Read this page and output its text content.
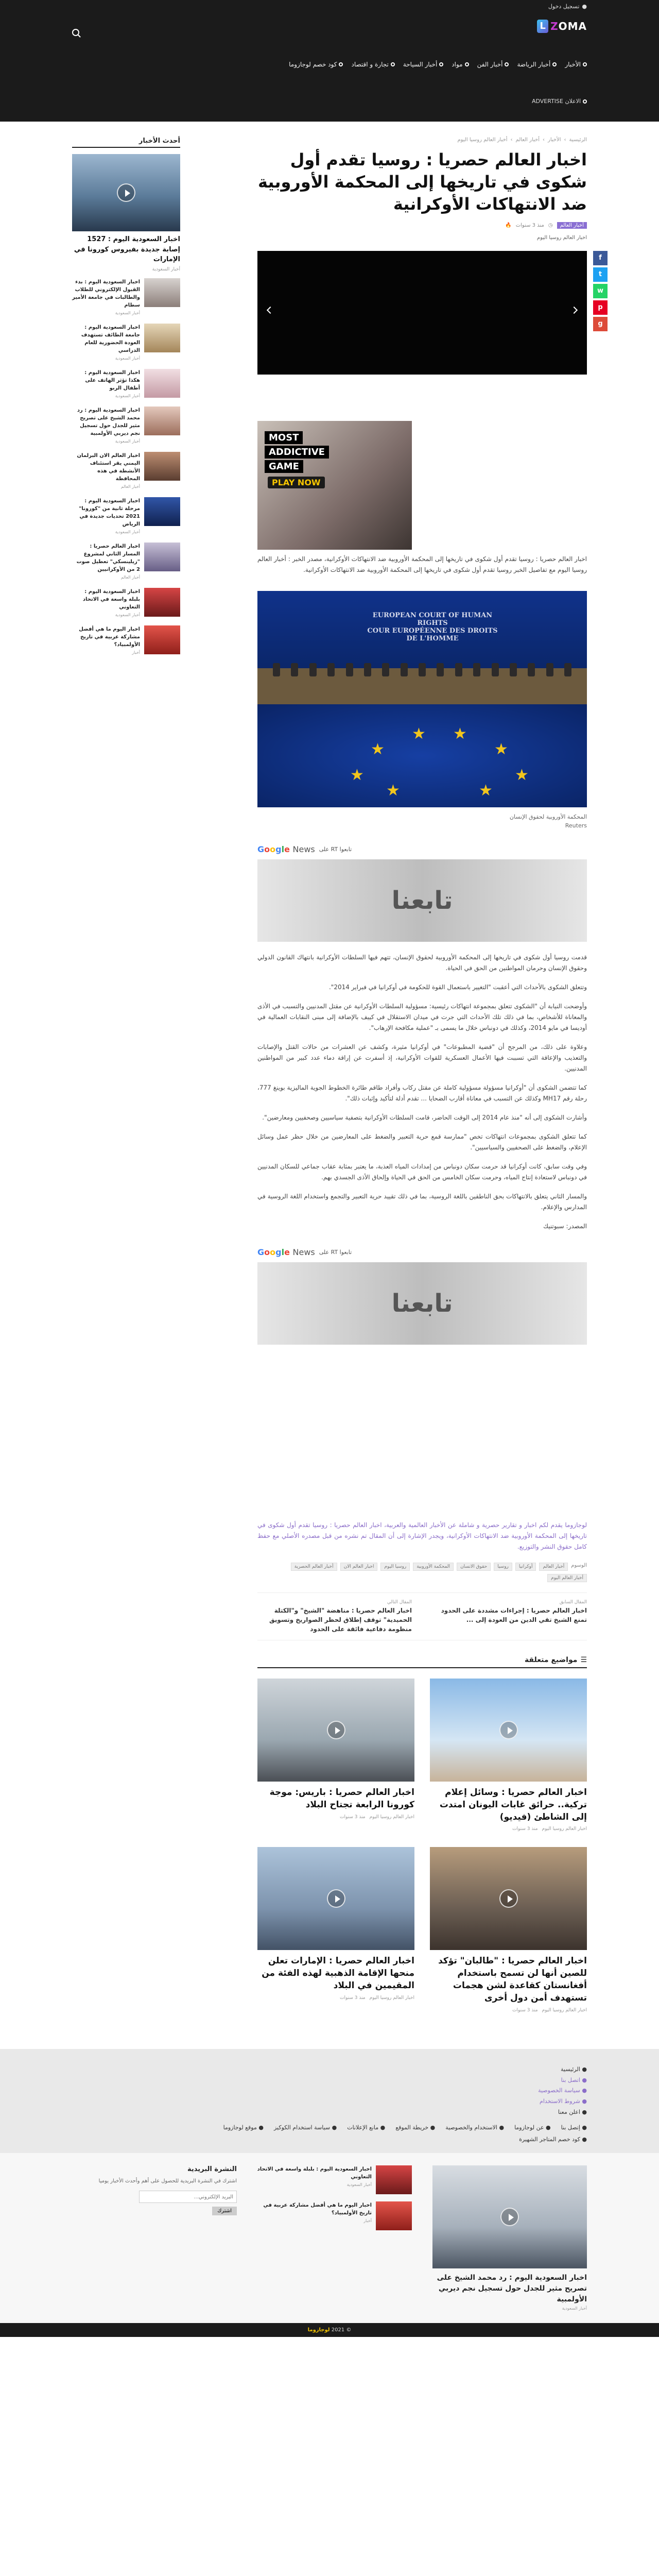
●
تسجيل دخول
ZOMA
L
الأخبار
أخبار الرياضة
أخبار الفن
مواد
أخبار السياحة
تجارة و اقتصاد
كود خصم لوجازوما
الاعلان ADVERTISE
الرئيسية
›
الأخبار
›
أخبار العالم
›
أخبار العالم روسيا اليوم
اخبار العالم حصريا : روسيا تقدم أول شكوى في تاريخها إلى المحكمة الأوروبية ضد الانتهاكات الأوكرانية
أخبار العالم
◷
منذ 3 سنوات
🔥
اخبار العالم روسيا اليوم
f
t
w
p
g
MOST
ADDICTIVE
GAME
PLAY NOW

اخبار العالم حصريا : روسيا تقدم أول شكوى في تاريخها إلى المحكمة الأوروبية ضد الانتهاكات الأوكرانية، مصدر الخبر : أخبار العالم روسيا اليوم مع تفاصيل الخبر روسيا تقدم أول شكوى في تاريخها إلى المحكمة الأوروبية ضد الانتهاكات الأوكرانية.

EUROPEAN COURT OF HUMAN RIGHTS
COUR EUROPÉENNE DES DROITS DE L'HOMME
★ ★
★	★
★	★
★	★
المحكمة الأوروبية لحقوق الإنسان
Reuters
تابعوا RT على
Google News
تابعنا

قدمت روسيا أول شكوى في تاريخها إلى المحكمة الأوروبية لحقوق الإنسان، تتهم فيها السلطات الأوكرانية بانتهاك القانون الدولي وحقوق الإنسان وحرمان المواطنين من الحق في الحياة.

وتتعلق الشكوى بالأحداث التي أعقبت "التغيير باستعمال القوة للحكومة في أوكرانيا في فبراير 2014".

وأوضحت النيابة أن "الشكوى تتعلق بمجموعة انتهاكات رئيسية: مسؤولية السلطات الأوكرانية عن مقتل المدنيين والتسبب في الأذى والمعاناة للأشخاص، بما في ذلك تلك الأحداث التي جرت في ميدان الاستقلال في كييف بالإضافة إلى مبنى النقابات العمالية في أوديسا في مايو 2014، وكذلك في دونباس خلال ما يسمى بـ "عملية مكافحة الإرهاب".

وعلاوة على ذلك، من المرجح أن "قضية المطبوعات" في أوكرانيا مثيرة، وكشف عن العشرات من حالات القتل والإصابات والتعذيب والإعاقة التي تسببت فيها الأعمال العسكرية للقوات الأوكرانية، إذ أسفرت عن إراقة دماء عدد كبير من المواطنين المدنيين.

كما تتضمن الشكوى أن "أوكرانيا مسؤولة مسؤولية كاملة عن مقتل ركاب وأفراد طاقم طائرة الخطوط الجوية الماليزية بوينغ 777، رحلة رقم MH17 وكذلك عن التسبب في معاناة أقارب الضحايا ... تقدم أدلة لتأكيد وإثبات ذلك".

وأشارت الشكوى إلى أنه "منذ عام 2014 إلى الوقت الحاضر، قامت السلطات الأوكرانية بتصفية سياسيين وصحفيين ومعارضين".

كما تتعلق الشكوى بمجموعات انتهاكات تخص "ممارسة قمع حرية التعبير والضغط على المعارضين من خلال حظر عمل وسائل الإعلام، والضغط على الصحفيين والسياسيين".

وفي وقت سابق، كانت أوكرانيا قد حرمت سكان دونباس من إمدادات المياه العذبة، ما يعتبر بمثابة عقاب جماعي للسكان المدنيين في دونباس لاستعادة إنتاج المياه، وحرمت سكان الخامس من الحق في الحياة وإلحاق الأذى الجسدي بهم.

والمسار الثاني يتعلق بالانتهاكات بحق الناطقين باللغة الروسية، بما في ذلك تقييد حرية التعبير والتجمع واستخدام اللغة الروسية في المدارس والإعلام.

المصدر: سبوتنيك

تابعوا RT على
Google News
تابعنا

لوجازوما يقدم لكم اخبار و تقارير حصرية و شاملة عن الأخبار العالمية والعربية، اخبار العالم حصريا : روسيا تقدم أول شكوى في تاريخها إلى المحكمة الأوروبية ضد الانتهاكات الأوكرانية، ويجدر الإشارة إلى أن المقال تم نشره من قبل مصدره الأصلي مع حفظ كامل حقوق النشر والتوزيع.

الوسوم
أخبار العالم
أوكرانيا
روسيا
حقوق الانسان
المحكمة الأوروبية
روسيا اليوم
اخبار العالم الان
أخبار العالم الحصرية
أخبار العالم اليوم
المقال السابق
اخبار العالم حصريا : إجراءات مشددة على الحدود تمنع الشيخ تقي الدين من العودة إلى ...
المقال التالي
اخبار العالم حصريا : مناهضة "الشيخ" و"الكتلة الحميدية" توقف إطلاق لحظر الصواريخ وتسويق منظومة دفاعية فائقة على الحدود
☰
مواضيع متعلقة
اخبار العالم حصريا : وسائل إعلام تركية.. حرائق غابات اليونان امتدت إلى الشاطئ (فيديو)
اخبار العالم روسيا اليوم
منذ 3 سنوات
اخبار العالم حصريا : باريس: موجة كورونا الرابعة تجتاح البلاد
اخبار العالم روسيا اليوم
منذ 3 سنوات
اخبار العالم حصريا : "طالبان" تؤكد للصين أنها لن تسمح باستخدام أفغانستان كقاعدة لشن هجمات تستهدف أمن دول أخرى
اخبار العالم روسيا اليوم
منذ 3 سنوات
اخبار العالم حصريا : الإمارات تعلن منحها الإقامة الذهبية لهذه الفئة من المقيمين في البلاد
اخبار العالم روسيا اليوم
منذ 3 سنوات
أحدث الأخبار
اخبار السعودية اليوم : 1527 إصابة جديدة بفيروس كورونا في الإمارات
أخبار السعودية
اخبار السعودية اليوم : بدء القبول الإلكتروني للطلاب والطالبات في جامعة الأمير سطام
أخبار السعودية
اخبار السعودية اليوم : جامعة الطائف تستهدف العودة الحضورية للعام الدراسي
أخبار السعودية
اخبار السعودية اليوم : هكذا تؤثر الهاتف على أطفال الربو
أخبار السعودية
اخبار السعودية اليوم : رد محمد الشيخ على تصريح مثير للجدل حول تسجيل نجم ديربي الأولمبية
أخبار السعودية
اخبار العالم الان البرلمان اليمني يقر استئناف الأنشطة في هذه المحافظة
أخبار العالم
اخبار السعودية اليوم : مرحلة ثانية من "كورونا" 2021 تحديات جديدة في الرياض
أخبار السعودية
اخبار العالم حصريا : المسار الثاني لمشروع "زيلينسكي" تعطيل صوت 2 من الأوكرانيين
أخبار العالم
اخبار السعودية اليوم : بلبلة واسعة في الاتحاد التعاوني
أخبار السعودية
اخبار اليوم ما هي أفضل مشاركة عربية في تاريخ الأولمبياد؟
أخبار
● الرئيسية
● اتصل بنا
● سياسة الخصوصية
● شروط الاستخدام
● اعلن معنا
● إتصل بنا
● عن لوجازوما
● الاستخدام والخصوصية
● خريطة الموقع
● مانع الإعلانات
● سياسة استخدام الكوكيز
● موقع لوجازوما
● كود خصم المتاجر الشهيرة
اخبار السعودية اليوم : رد محمد الشيخ على تصريح مثير للجدل حول تسجيل نجم ديربي الأولمبية
أخبار السعودية
اخبار السعودية اليوم : بلبلة واسعة في الاتحاد التعاوني
أخبار السعودية
اخبار اليوم ما هي أفضل مشاركة عربية في تاريخ الأولمبياد؟
أخبار
النشرة البريدية
اشترك في النشرة البريدية للحصول على أهم وأحدث الأخبار يوميا
البريد الإلكتروني... اشترك
© 2021 لوجازوما
